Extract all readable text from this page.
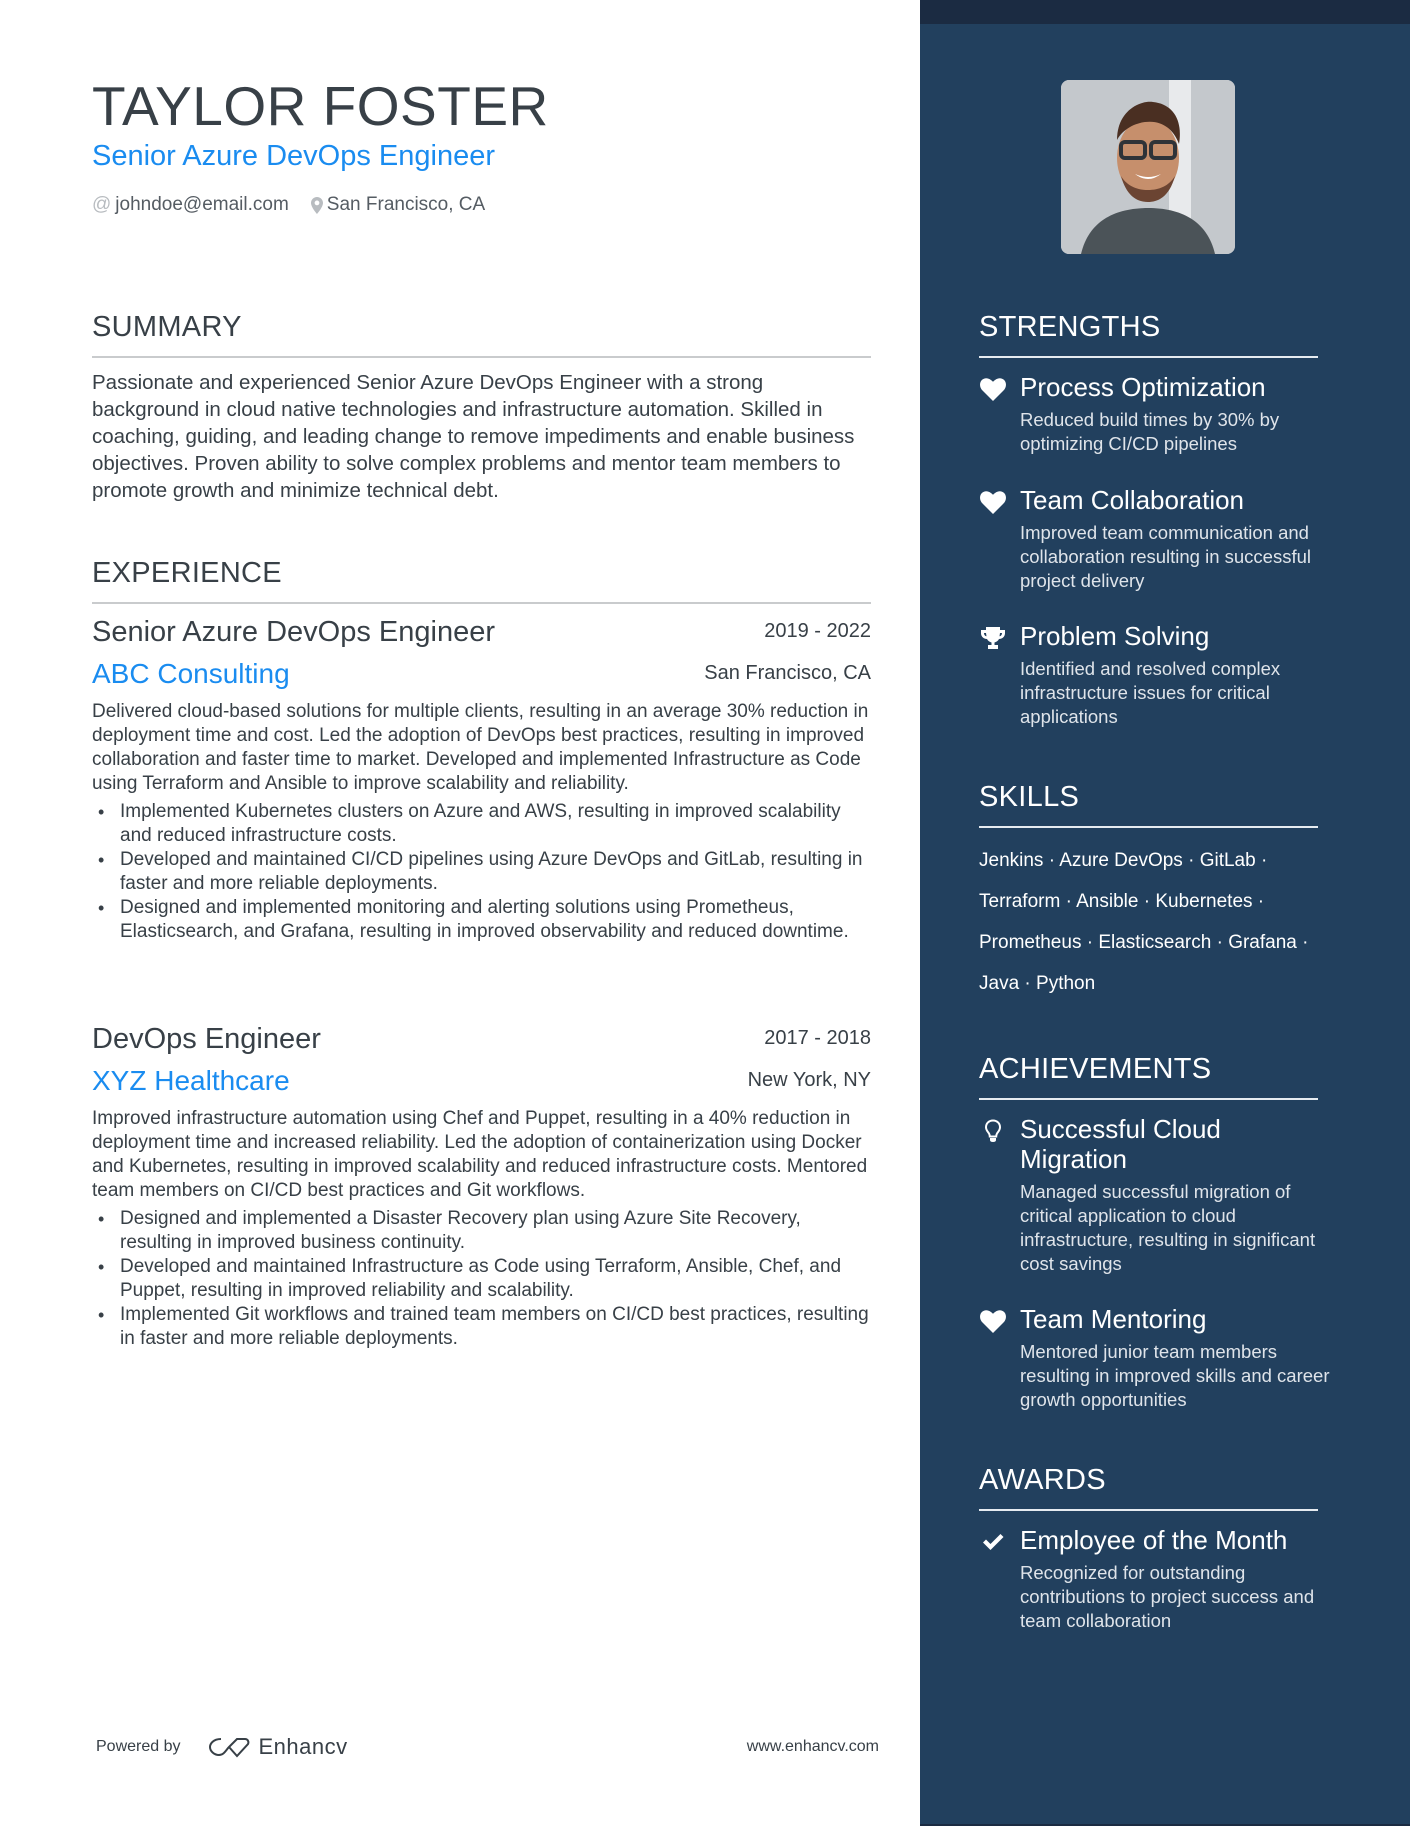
TAYLOR FOSTER
Senior Azure DevOps Engineer
@ johndoe@email.com San Francisco, CA
SUMMARY
Passionate and experienced Senior Azure DevOps Engineer with a strong background in cloud native technologies and infrastructure automation. Skilled in coaching, guiding, and leading change to remove impediments and enable business objectives. Proven ability to solve complex problems and mentor team members to promote growth and minimize technical debt.
EXPERIENCE
Senior Azure DevOps Engineer	2019 - 2022
ABC Consulting	San Francisco, CA
Delivered cloud-based solutions for multiple clients, resulting in an average 30% reduction in deployment time and cost. Led the adoption of DevOps best practices, resulting in improved collaboration and faster time to market. Developed and implemented Infrastructure as Code using Terraform and Ansible to improve scalability and reliability.
• Implemented Kubernetes clusters on Azure and AWS, resulting in improved scalability and reduced infrastructure costs.
• Developed and maintained CI/CD pipelines using Azure DevOps and GitLab, resulting in faster and more reliable deployments.
• Designed and implemented monitoring and alerting solutions using Prometheus, Elasticsearch, and Grafana, resulting in improved observability and reduced downtime.
DevOps Engineer	2017 - 2018
XYZ Healthcare	New York, NY
Improved infrastructure automation using Chef and Puppet, resulting in a 40% reduction in deployment time and increased reliability. Led the adoption of containerization using Docker and Kubernetes, resulting in improved scalability and reduced infrastructure costs. Mentored team members on CI/CD best practices and Git workflows.
• Designed and implemented a Disaster Recovery plan using Azure Site Recovery, resulting in improved business continuity.
• Developed and maintained Infrastructure as Code using Terraform, Ansible, Chef, and Puppet, resulting in improved reliability and scalability.
• Implemented Git workflows and trained team members on CI/CD best practices, resulting in faster and more reliable deployments.
Powered by	Enhancv	www.enhancv.com
STRENGTHS
Process Optimization
Reduced build times by 30% by optimizing CI/CD pipelines
Team Collaboration
Improved team communication and collaboration resulting in successful project delivery
Problem Solving
Identified and resolved complex infrastructure issues for critical applications
SKILLS
Jenkins · Azure DevOps · GitLab ·
Terraform · Ansible · Kubernetes ·
Prometheus · Elasticsearch · Grafana ·
Java · Python
ACHIEVEMENTS
Successful Cloud Migration
Managed successful migration of critical application to cloud infrastructure, resulting in significant cost savings
Team Mentoring
Mentored junior team members resulting in improved skills and career growth opportunities
AWARDS
Employee of the Month
Recognized for outstanding contributions to project success and team collaboration
